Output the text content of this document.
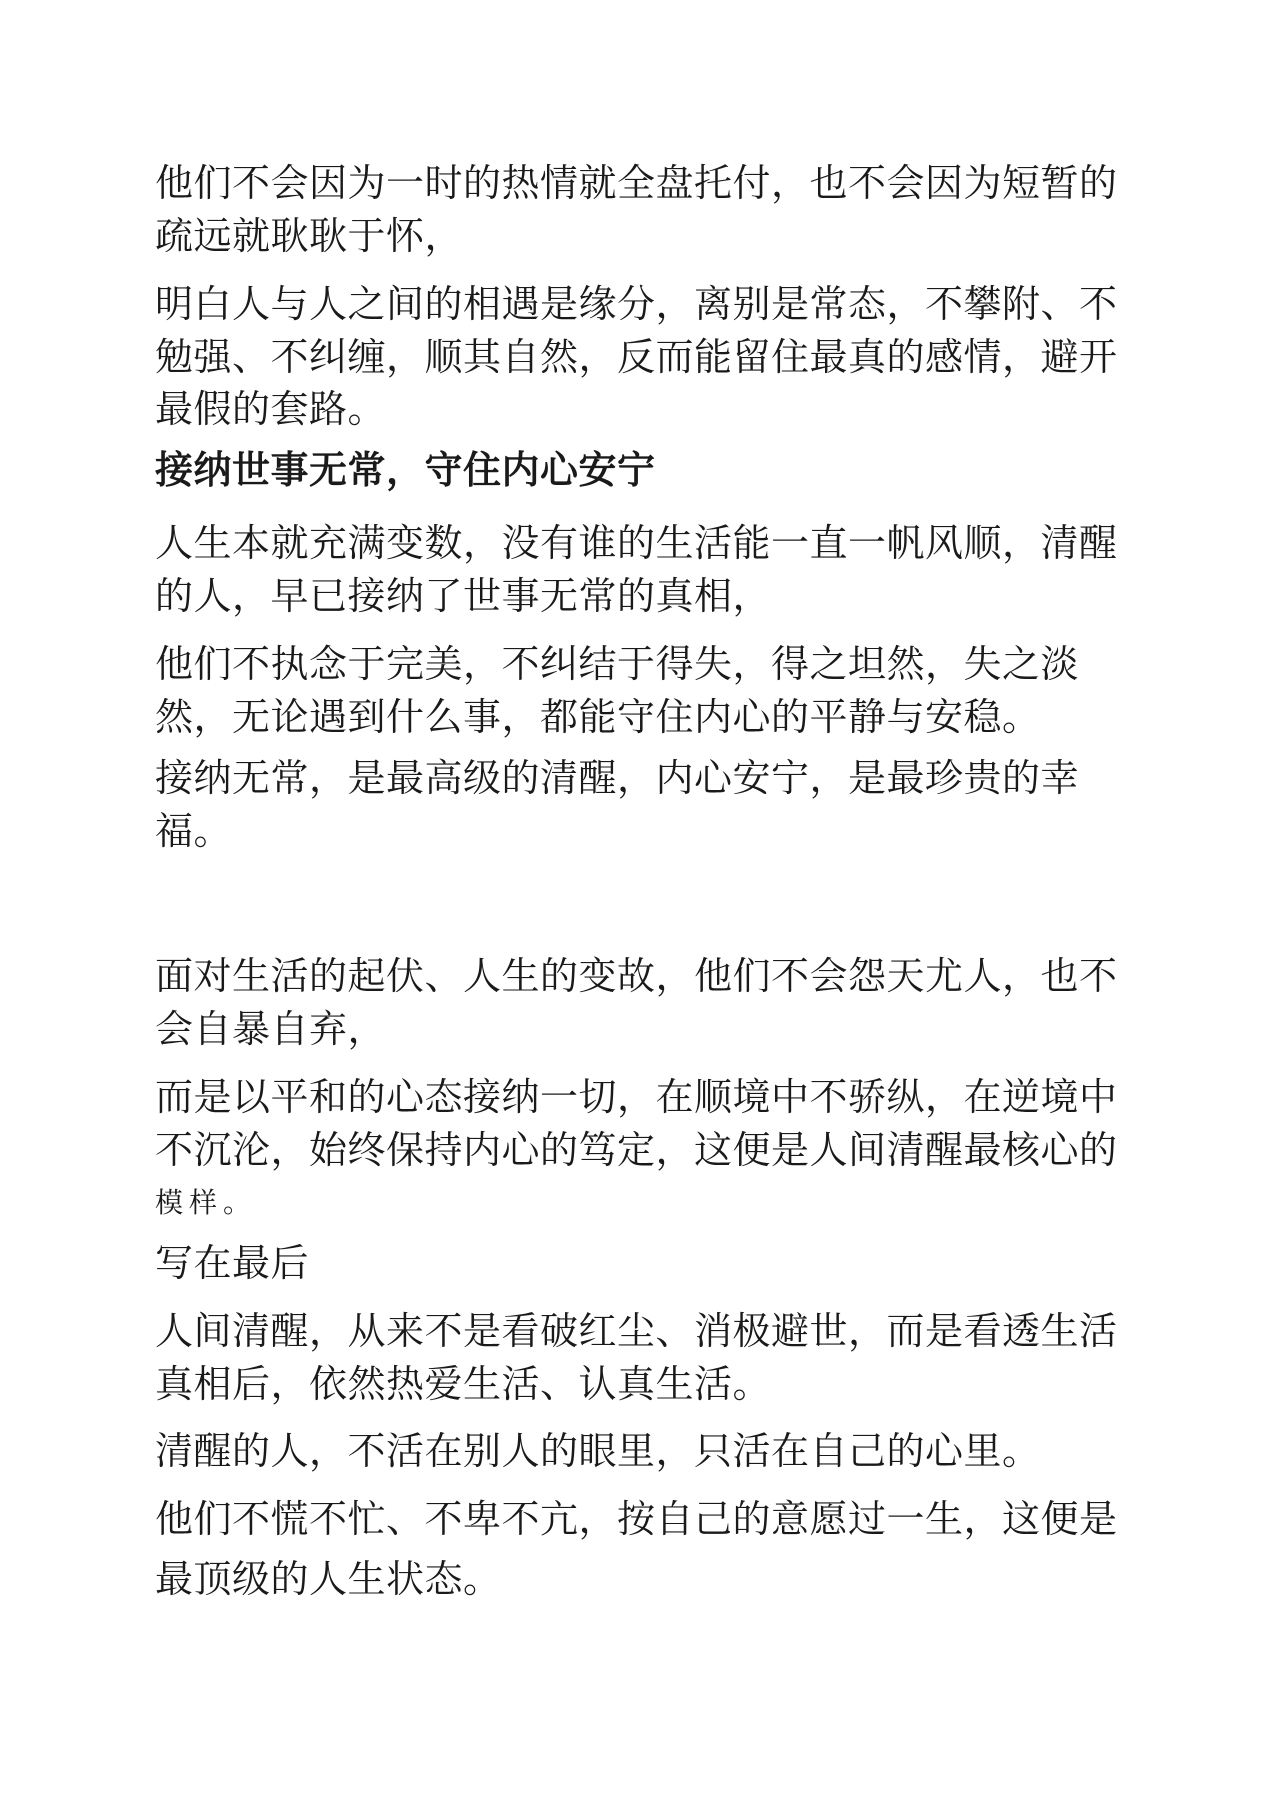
他们不会因为一时的热情就全盘托付，也不会因为短暂的
疏远就耿耿于怀，
明白人与人之间的相遇是缘分，离别是常态，不攀附、不
勉强、不纠缠，顺其自然，反而能留住最真的感情，避开
最假的套路。
接纳世事无常，守住内心安宁
人生本就充满变数，没有谁的生活能一直一帆风顺，清醒
的人，早已接纳了世事无常的真相，
他们不执念于完美，不纠结于得失，得之坦然，失之淡
然，无论遇到什么事，都能守住内心的平静与安稳。
接纳无常，是最高级的清醒，内心安宁，是最珍贵的幸
福。
面对生活的起伏、人生的变故，他们不会怨天尤人，也不
会自暴自弃，
而是以平和的心态接纳一切，在顺境中不骄纵，在逆境中
不沉沦，始终保持内心的笃定，这便是人间清醒最核心的
模样。
写在最后
人间清醒，从来不是看破红尘、消极避世，而是看透生活
真相后，依然热爱生活、认真生活。
清醒的人，不活在别人的眼里，只活在自己的心里。
他们不慌不忙、不卑不亢，按自己的意愿过一生，这便是
最顶级的人生状态。
